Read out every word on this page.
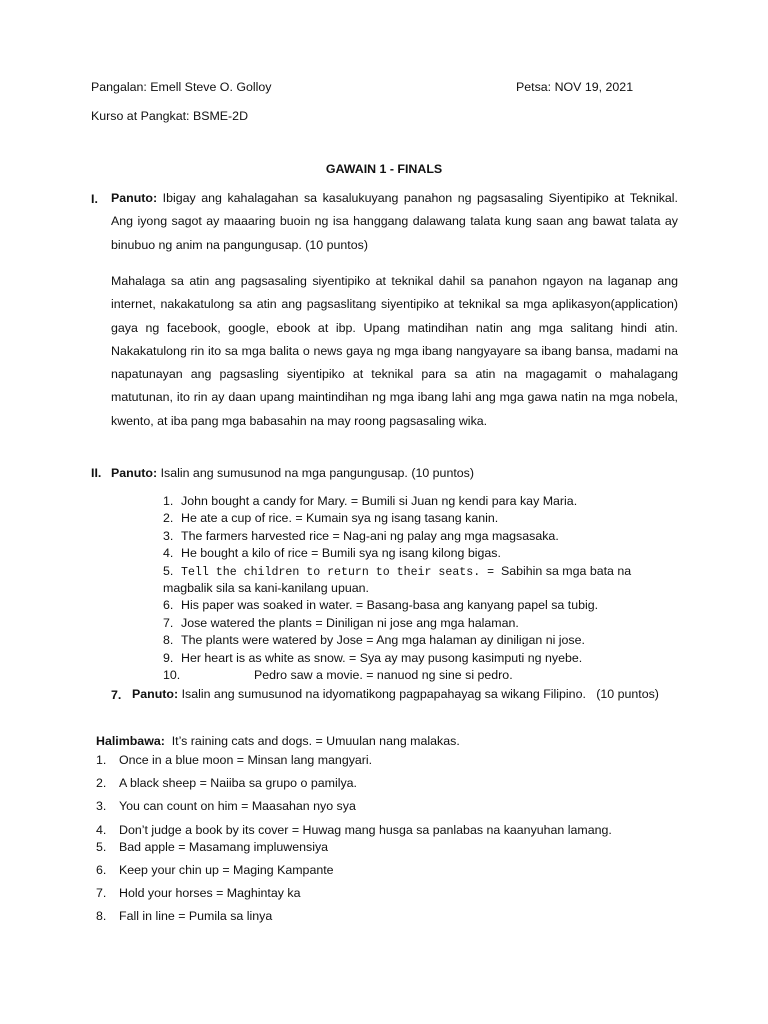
Pangalan: Emell Steve O. Golloy	Petsa: NOV 19, 2021
Kurso at Pangkat: BSME-2D
GAWAIN 1 - FINALS
I. Panuto: Ibigay ang kahalagahan sa kasalukuyang panahon ng pagsasaling Siyentipiko at Teknikal. Ang iyong sagot ay maaaring buoin ng isa hanggang dalawang talata kung saan ang bawat talata ay binubuo ng anim na pangungusap. (10 puntos)
Mahalaga sa atin ang pagsasaling siyentipiko at teknikal dahil sa panahon ngayon na laganap ang internet, nakakatulong sa atin ang pagsaslitang siyentipiko at teknikal sa mga aplikasyon(application) gaya ng facebook, google, ebook at ibp. Upang matindihan natin ang mga salitang hindi atin. Nakakatulong rin ito sa mga balita o news gaya ng mga ibang nangyayare sa ibang bansa, madami na napatunayan ang pagsasling siyentipiko at teknikal para sa atin na magagamit o mahalagang matutunan, ito rin ay daan upang maintindihan ng mga ibang lahi ang mga gawa natin na mga nobela, kwento, at iba pang mga babasahin na may roong pagsasaling wika.
II. Panuto: Isalin ang sumusunod na mga pangungusap. (10 puntos)
1. John bought a candy for Mary. = Bumili si Juan ng kendi para kay Maria.
2. He ate a cup of rice. = Kumain sya ng isang tasang kanin.
3. The farmers harvested rice = Nag-ani ng palay ang mga magsasaka.
4. He bought a kilo of rice = Bumili sya ng isang kilong bigas.
5. Tell the children to return to their seats. =  Sabihin sa mga bata na
magbalik sila sa kani-kanilang upuan.
6. His paper was soaked in water. = Basang-basa ang kanyang papel sa tubig.
7. Jose watered the plants = Diniligan ni jose ang mga halaman.
8. The plants were watered by Jose = Ang mga halaman ay diniligan ni jose.
9. Her heart is as white as snow. = Sya ay may pusong kasimputi ng nyebe.
10.	Pedro saw a movie. = nanuod ng sine si pedro.
7. Panuto: Isalin ang sumusunod na idyomatikong pagpapahayag sa wikang Filipino.   (10 puntos)
Halimbawa:  It’s raining cats and dogs. = Umuulan nang malakas.
1. Once in a blue moon = Minsan lang mangyari.
2. A black sheep = Naiiba sa grupo o pamilya.
3. You can count on him = Maasahan nyo sya
4. Don’t judge a book by its cover = Huwag mang husga sa panlabas na kaanyuhan lamang.
5. Bad apple = Masamang impluwensiya
6. Keep your chin up = Maging Kampante
7. Hold your horses = Maghintay ka
8. Fall in line = Pumila sa linya
